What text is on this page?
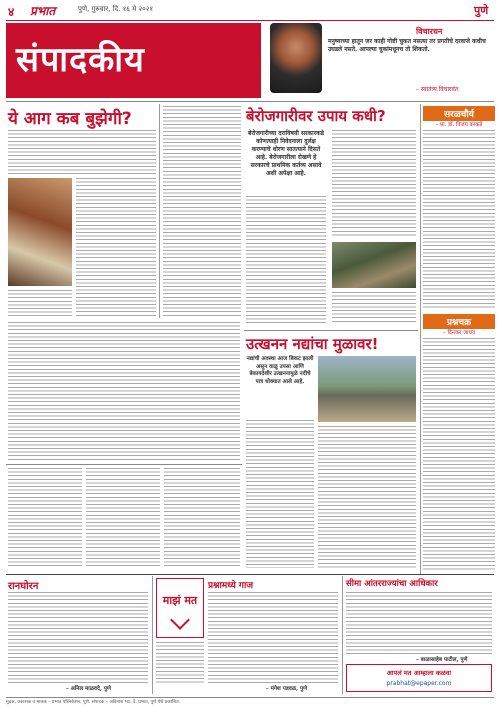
४ प्रभात	पुणे, गुरुवार, दि. १६ मे २०२१	पुणे
संपादकीय
विचारधन
मनुष्याच्या हातून जर काही गोष्टी चुकत नसत्या तर प्रगतीचे दरवाजे कधीच उघडले नसते. आपल्या चुकांमधूनच तो शिकतो.
– स्वातंत्र्य विचारवंत
ये आग कब बुझेगी?	बेरोजगारीवर उपाय कधी?
बेरोजगारीच्या दराविषयी सरकारकडे कोणत्याही निवेदनाला दुर्लक्ष करण्याचे धोरण सातत्याने दिसते आहे. बेरोजगारीला रोखणे हे सरकारचे प्राथमिक कर्तव्य असावे अशी अपेक्षा आहे.
सरळचौर्य
– प्रा. डॉ. विजय काकडे
प्रश्नचक्र
– दिनकर जाधव
उत्खनन नद्यांचा मुळावर!
नद्यांची अवस्था आज बिकट झाली असून वाळू उपसा आणि बेकायदेशीर उत्खननामुळे नदीचे पात्र धोक्यात आले आहे.
रानघोरन
– अनिल माळवदे, पुणे
माझं मत
प्रश्नामध्ये गाज
– मंगेश पडवळ, पुणे
सीमा आंतरराज्यांचा आधिकार
– बाळासाहेब पाटील, पुणे
आपलं मत आम्हाला कळवा
prabhat@epaper.com
मुद्रक, प्रकाशक व मालक – प्रभात पब्लिकेशन, पुणे. संपादक – अविनाश भट. दै. प्रभात, पुणे येथे प्रकाशित.
